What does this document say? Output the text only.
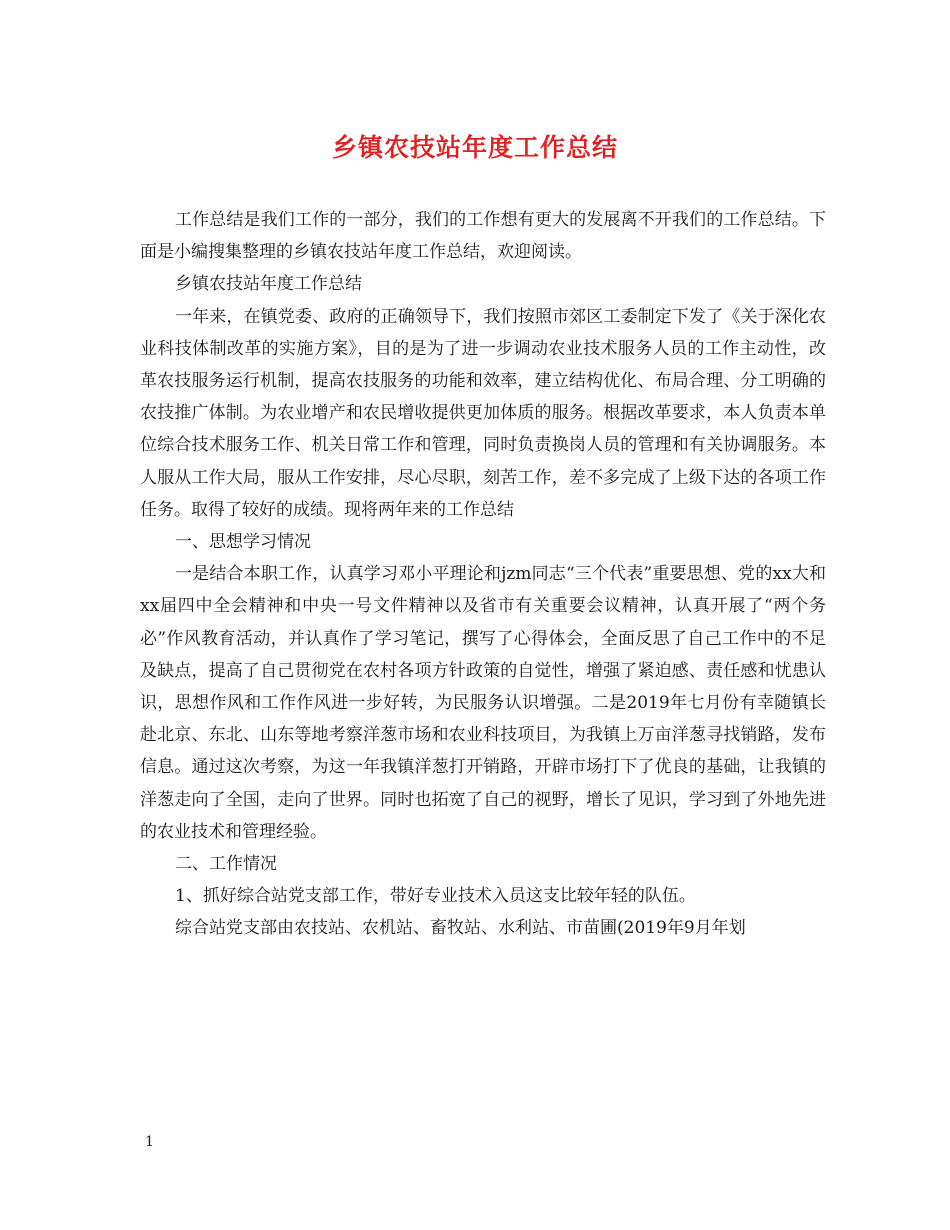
乡镇农技站年度工作总结

工作总结是我们工作的一部分，我们的工作想有更大的发展离不开我们的工作总结。下面是小编搜集整理的乡镇农技站年度工作总结，欢迎阅读。

乡镇农技站年度工作总结

一年来，在镇党委、政府的正确领导下，我们按照市郊区工委制定下发了《关于深化农业科技体制改革的实施方案》，目的是为了进一步调动农业技术服务人员的工作主动性，改革农技服务运行机制，提高农技服务的功能和效率，建立结构优化、布局合理、分工明确的农技推广体制。为农业增产和农民增收提供更加体质的服务。根据改革要求，本人负责本单位综合技术服务工作、机关日常工作和管理，同时负责换岗人员的管理和有关协调服务。本人服从工作大局，服从工作安排，尽心尽职，刻苦工作，差不多完成了上级下达的各项工作任务。取得了较好的成绩。现将两年来的工作总结

一、思想学习情况

一是结合本职工作，认真学习邓小平理论和jzm同志“三个代表”重要思想、党的xx大和xx届四中全会精神和中央一号文件精神以及省市有关重要会议精神，认真开展了“两个务必”作风教育活动，并认真作了学习笔记，撰写了心得体会，全面反思了自己工作中的不足及缺点，提高了自己贯彻党在农村各项方针政策的自觉性，增强了紧迫感、责任感和忧患认识，思想作风和工作作风进一步好转，为民服务认识增强。二是2019年七月份有幸随镇长赴北京、东北、山东等地考察洋葱市场和农业科技项目，为我镇上万亩洋葱寻找销路，发布信息。通过这次考察，为这一年我镇洋葱打开销路，开辟市场打下了优良的基础，让我镇的洋葱走向了全国，走向了世界。同时也拓宽了自己的视野，增长了见识，学习到了外地先进的农业技术和管理经验。

二、工作情况

1、抓好综合站党支部工作，带好专业技术入员这支比较年轻的队伍。

综合站党支部由农技站、农机站、畜牧站、水利站、市苗圃(2019年9月年划

1
